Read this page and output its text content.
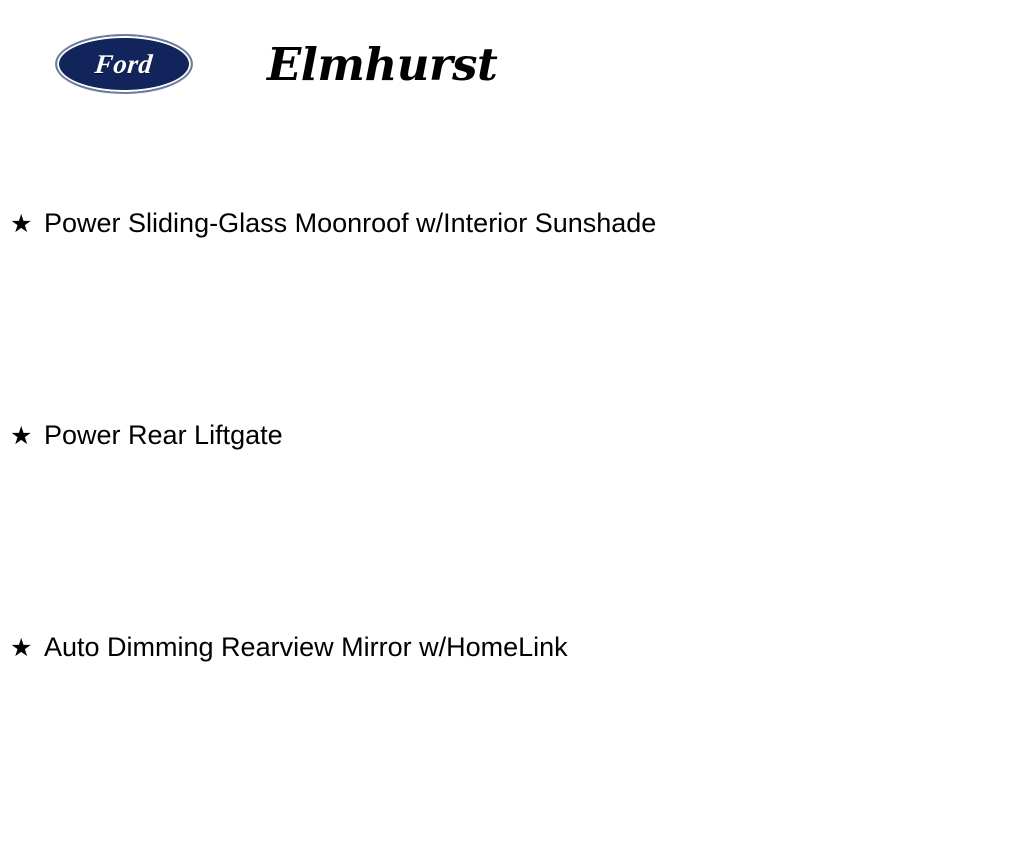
Ford	Elmhurst
★ Power Sliding-Glass Moonroof w/Interior Sunshade
★ Power Rear Liftgate
★ Auto Dimming Rearview Mirror w/HomeLink
